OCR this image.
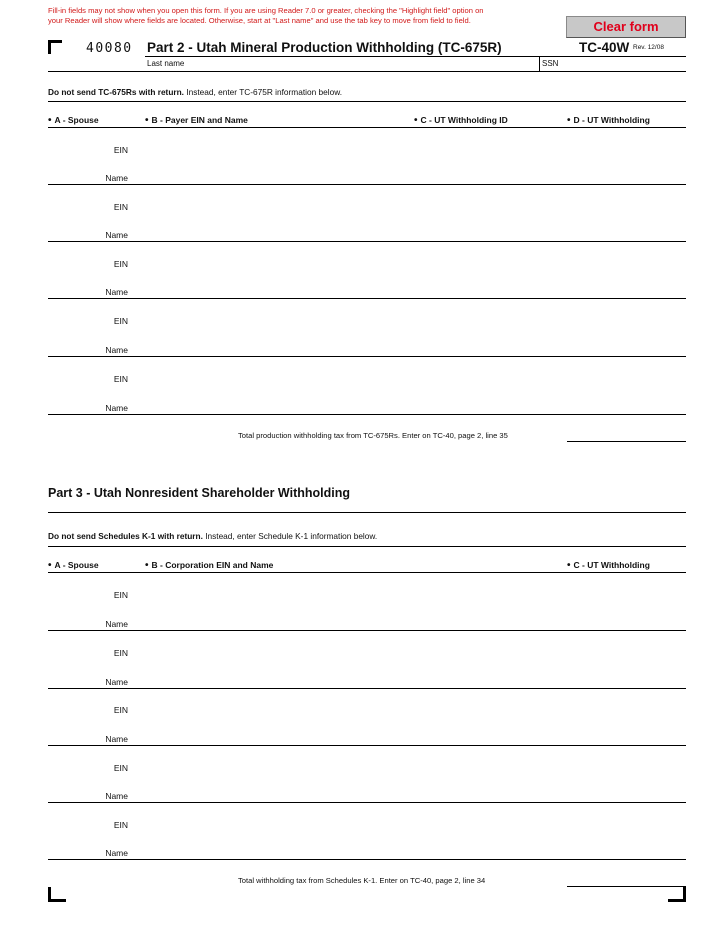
Fill-in fields may not show when you open this form. If you are using Reader 7.0 or greater, checking the "Highlight field" option on
your Reader will show where fields are located. Otherwise, start at "Last name" and use the tab key to move from field to field.	Clear form
40080 Part 2 - Utah Mineral Production Withholding (TC-675R)	TC-40W Rev. 12/08
Last name	SSN
Do not send TC-675Rs with return. Instead, enter TC-675R information below.
• A - Spouse	• B - Payer EIN and Name	• C - UT Withholding ID	• D - UT Withholding
EIN
Name
EIN
Name
EIN
Name
EIN
Name
EIN
Name
Total production withholding tax from TC-675Rs. Enter on TC-40, page 2, line 35
Part 3 - Utah Nonresident Shareholder Withholding
Do not send Schedules K-1 with return. Instead, enter Schedule K-1 information below.
• A - Spouse	• B - Corporation EIN and Name	• C - UT Withholding
EIN
Name
EIN
Name
EIN
Name
EIN
Name
EIN
Name
Total withholding tax from Schedules K-1. Enter on TC-40, page 2, line 34
